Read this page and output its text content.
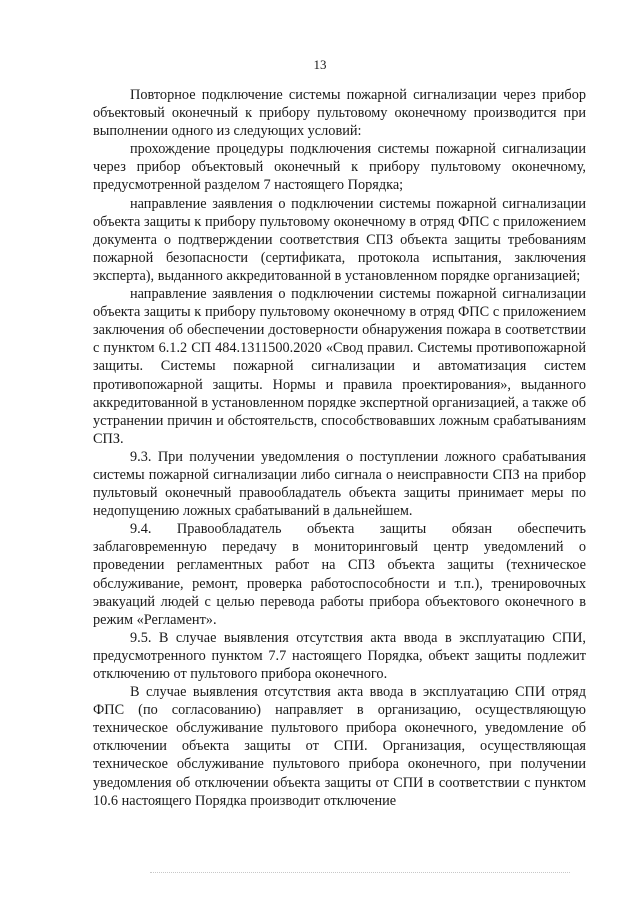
13

Повторное подключение системы пожарной сигнализации через прибор объектовый оконечный к прибору пультовому оконечному производится при выполнении одного из следующих условий:

прохождение процедуры подключения системы пожарной сигнализации через прибор объектовый оконечный к прибору пультовому оконечному, предусмотренной разделом 7 настоящего Порядка;

направление заявления о подключении системы пожарной сигнализации объекта защиты к прибору пультовому оконечному в отряд ФПС с приложением документа о подтверждении соответствия СПЗ объекта защиты требованиям пожарной безопасности (сертификата, протокола испытания, заключения эксперта), выданного аккредитованной в установленном порядке организацией;

направление заявления о подключении системы пожарной сигнализации объекта защиты к прибору пультовому оконечному в отряд ФПС с приложением заключения об обеспечении достоверности обнаружения пожара в соответствии с пунктом 6.1.2 СП 484.1311500.2020 «Свод правил. Системы противопожарной защиты. Системы пожарной сигнализации и автоматизация систем противопожарной защиты. Нормы и правила проектирования», выданного аккредитованной в установленном порядке экспертной организацией, а также об устранении причин и обстоятельств, способствовавших ложным срабатываниям СПЗ.

9.3. При получении уведомления о поступлении ложного срабатывания системы пожарной сигнализации либо сигнала о неисправности СПЗ на прибор пультовый оконечный правообладатель объекта защиты принимает меры по недопущению ложных срабатываний в дальнейшем.

9.4. Правообладатель объекта защиты обязан обеспечить заблаговременную передачу в мониторинговый центр уведомлений о проведении регламентных работ на СПЗ объекта защиты (техническое обслуживание, ремонт, проверка работоспособности и т.п.), тренировочных эвакуаций людей с целью перевода работы прибора объектового оконечного в режим «Регламент».

9.5. В случае выявления отсутствия акта ввода в эксплуатацию СПИ, предусмотренного пунктом 7.7 настоящего Порядка, объект защиты подлежит отключению от пультового прибора оконечного.

В случае выявления отсутствия акта ввода в эксплуатацию СПИ отряд ФПС (по согласованию) направляет в организацию, осуществляющую техническое обслуживание пультового прибора оконечного, уведомление об отключении объекта защиты от СПИ. Организация, осуществляющая техническое обслуживание пультового прибора оконечного, при получении уведомления об отключении объекта защиты от СПИ в соответствии с пунктом 10.6 настоящего Порядка производит отключение
